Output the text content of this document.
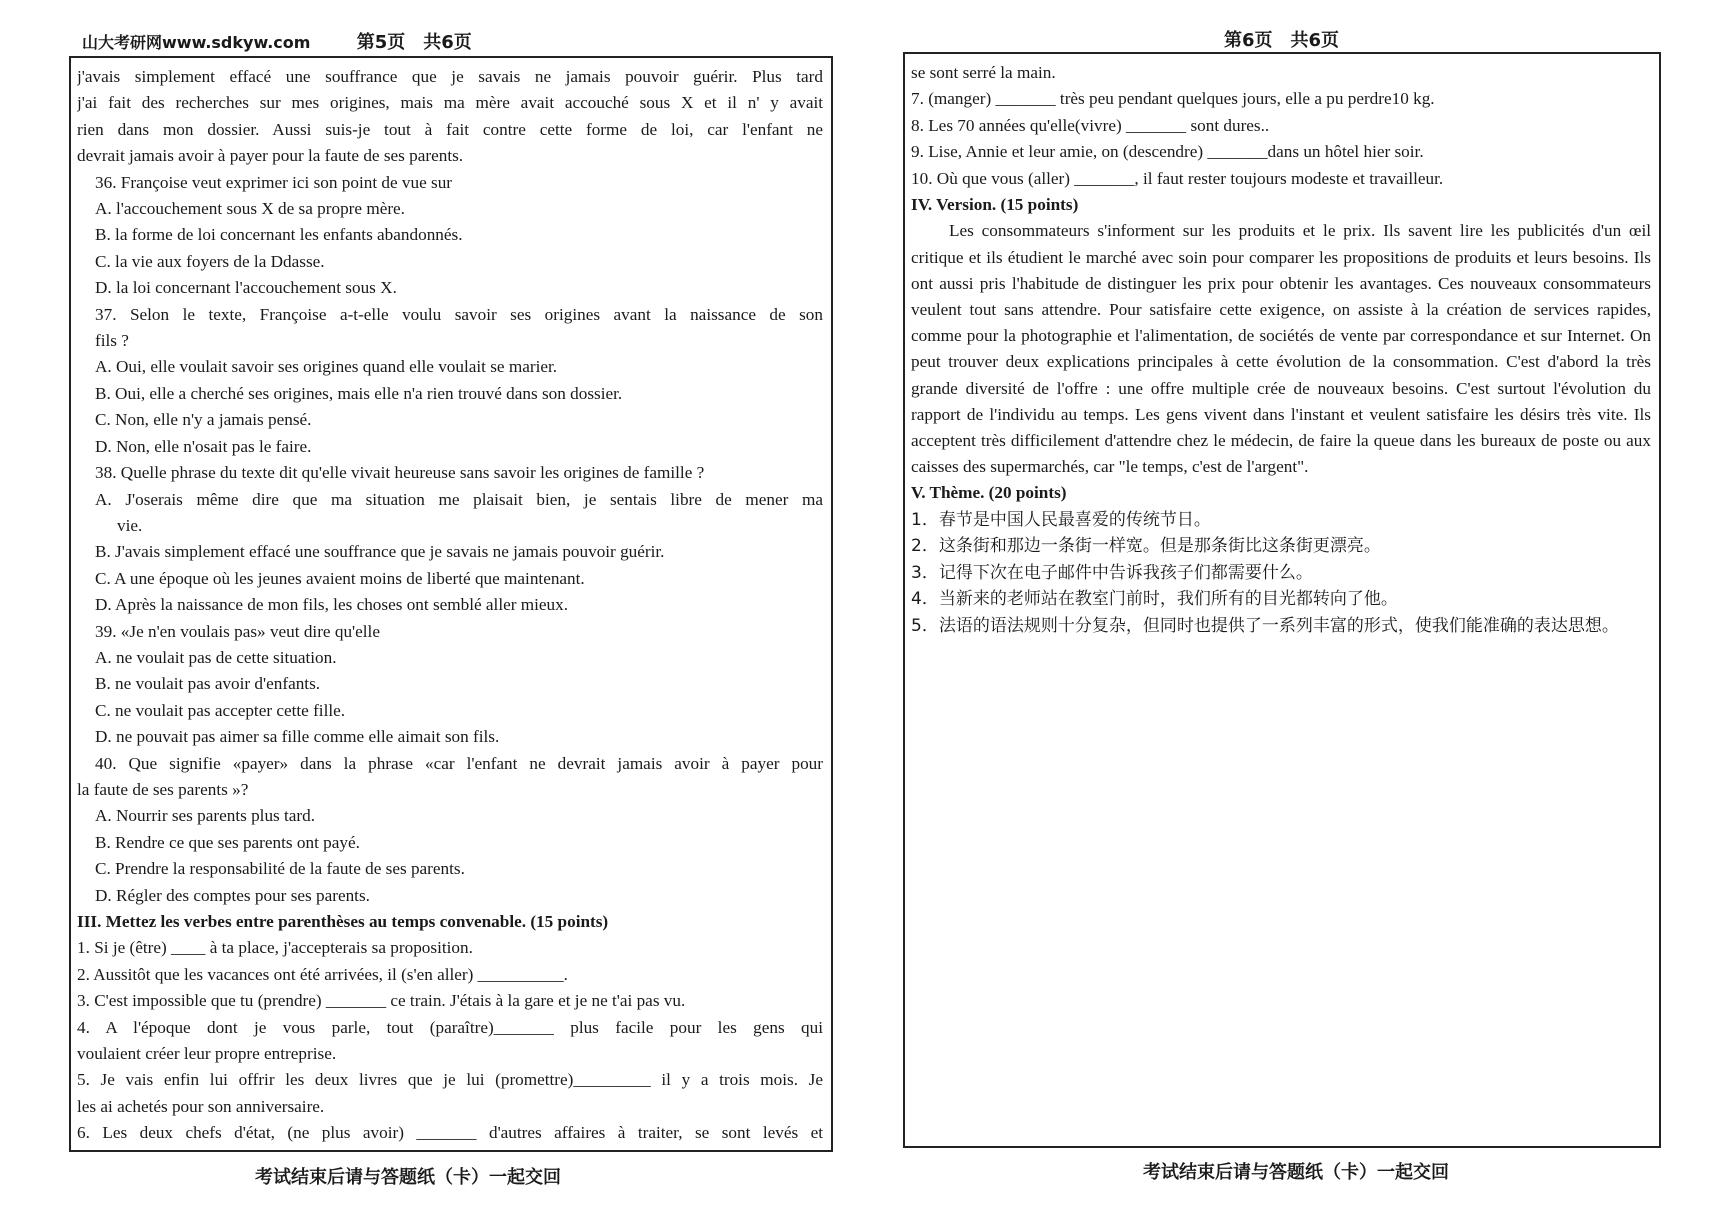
山大考研网www.sdkyw.com	第5页　共6页
j'avais simplement effacé une souffrance que je savais ne jamais pouvoir guérir. Plus tard
j'ai fait des recherches sur mes origines, mais ma mère avait accouché sous X et il n' y avait
rien dans mon dossier. Aussi suis-je tout à fait contre cette forme de loi, car l'enfant ne
devrait jamais avoir à payer pour la faute de ses parents.
36. Françoise veut exprimer ici son point de vue sur
A. l'accouchement sous X de sa propre mère.
B. la forme de loi concernant les enfants abandonnés.
C. la vie aux foyers de la Ddasse.
D. la loi concernant l'accouchement sous X.
37. Selon le texte, Françoise a-t-elle voulu savoir ses origines avant la naissance de son
fils ?
A. Oui, elle voulait savoir ses origines quand elle voulait se marier.
B. Oui, elle a cherché ses origines, mais elle n'a rien trouvé dans son dossier.
C. Non, elle n'y a jamais pensé.
D. Non, elle n'osait pas le faire.
38. Quelle phrase du texte dit qu'elle vivait heureuse sans savoir les origines de famille ?
A. J'oserais même dire que ma situation me plaisait bien, je sentais libre de mener ma
vie.
B. J'avais simplement effacé une souffrance que je savais ne jamais pouvoir guérir.
C. A une époque où les jeunes avaient moins de liberté que maintenant.
D. Après la naissance de mon fils, les choses ont semblé aller mieux.
39. «Je n'en voulais pas» veut dire qu'elle
A. ne voulait pas de cette situation.
B. ne voulait pas avoir d'enfants.
C. ne voulait pas accepter cette fille.
D. ne pouvait pas aimer sa fille comme elle aimait son fils.
40. Que signifie «payer» dans la phrase «car l'enfant ne devrait jamais avoir à payer pour
la faute de ses parents »?
A. Nourrir ses parents plus tard.
B. Rendre ce que ses parents ont payé.
C. Prendre la responsabilité de la faute de ses parents.
D. Régler des comptes pour ses parents.
III. Mettez les verbes entre parenthèses au temps convenable. (15 points)
1. Si je (être) ____ à ta place, j'accepterais sa proposition.
2. Aussitôt que les vacances ont été arrivées, il (s'en aller) __________.
3. C'est impossible que tu (prendre) _______ ce train. J'étais à la gare et je ne t'ai pas vu.
4. A l'époque dont je vous parle, tout (paraître)_______ plus facile pour les gens qui
voulaient créer leur propre entreprise.
5. Je vais enfin lui offrir les deux livres que je lui (promettre)_________ il y a trois mois. Je
les ai achetés pour son anniversaire.
6. Les deux chefs d'état, (ne plus avoir) _______ d'autres affaires à traiter, se sont levés et
考试结束后请与答题纸（卡）一起交回
第6页　共6页
se sont serré la main.
7. (manger) _______ très peu pendant quelques jours, elle a pu perdre10 kg.
8. Les 70 années qu'elle(vivre) _______ sont dures..
9. Lise, Annie et leur amie, on (descendre) _______dans un hôtel hier soir.
10. Où que vous (aller) _______, il faut rester toujours modeste et travailleur.
IV. Version. (15 points)

Les consommateurs s'informent sur les produits et le prix. Ils savent lire les publicités d'un œil critique et ils étudient le marché avec soin pour comparer les propositions de produits et leurs besoins. Ils ont aussi pris l'habitude de distinguer les prix pour obtenir les avantages. Ces nouveaux consommateurs veulent tout sans attendre. Pour satisfaire cette exigence, on assiste à la création de services rapides, comme pour la photographie et l'alimentation, de sociétés de vente par correspondance et sur Internet. On peut trouver deux explications principales à cette évolution de la consommation. C'est d'abord la très grande diversité de l'offre : une offre multiple crée de nouveaux besoins. C'est surtout l'évolution du rapport de l'individu au temps. Les gens vivent dans l'instant et veulent satisfaire les désirs très vite. Ils acceptent très difficilement d'attendre chez le médecin, de faire la queue dans les bureaux de poste ou aux caisses des supermarchés, car "le temps, c'est de l'argent".

V. Thème. (20 points)
1．春节是中国人民最喜爱的传统节日。
2．这条街和那边一条街一样宽。但是那条街比这条街更漂亮。
3．记得下次在电子邮件中告诉我孩子们都需要什么。
4．当新来的老师站在教室门前时，我们所有的目光都转向了他。
5．法语的语法规则十分复杂，但同时也提供了一系列丰富的形式，使我们能准确的表达思想。
考试结束后请与答题纸（卡）一起交回
